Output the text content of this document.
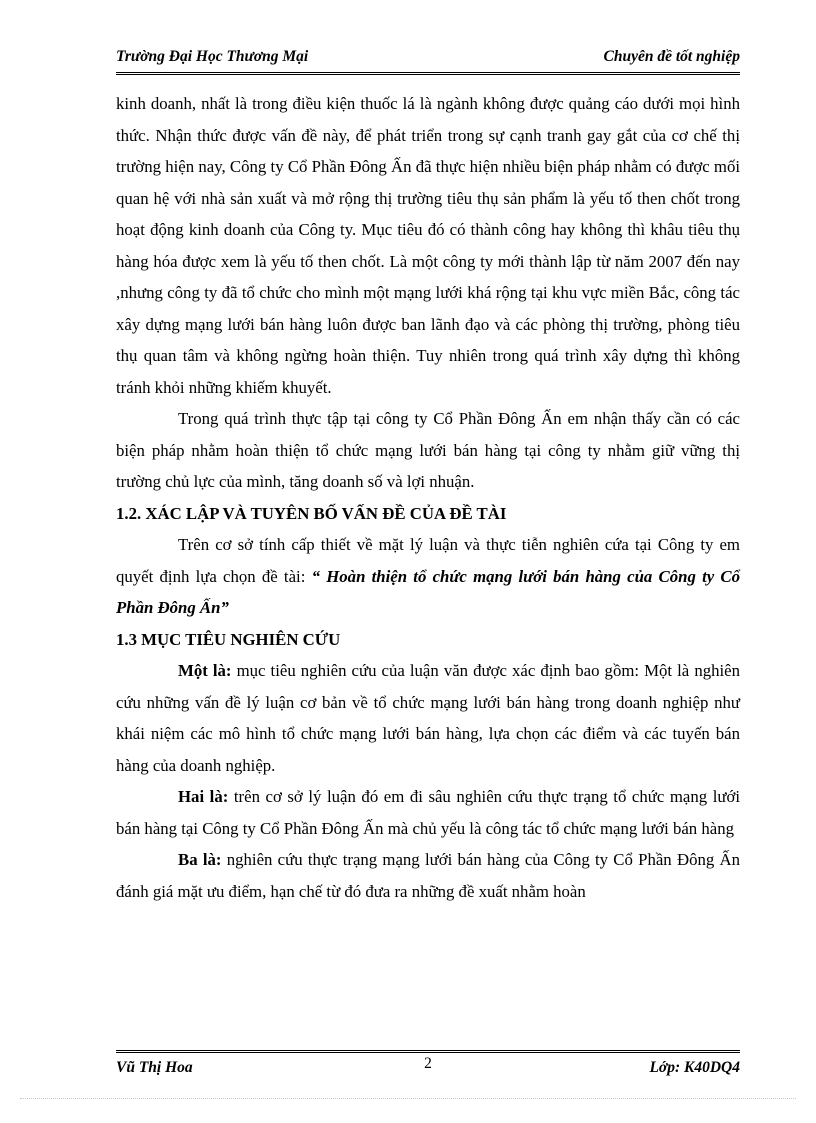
Trường Đại Học Thương Mại	Chuyên đề tốt nghiệp

kinh doanh, nhất là trong điều kiện thuốc lá là ngành không được quảng cáo dưới mọi hình thức. Nhận thức được vấn đề này, để phát triển trong sự cạnh tranh gay gắt của cơ chế thị trường hiện nay, Công ty Cổ Phần Đông Ấn đã thực hiện nhiều biện pháp nhằm có được mối quan hệ với nhà sản xuất và mở rộng thị trường tiêu thụ sản phẩm là yếu tố then chốt trong hoạt động kinh doanh của Công ty. Mục tiêu đó có thành công hay không thì khâu tiêu thụ hàng hóa được xem là yếu tố then chốt. Là một công ty mới thành lập từ năm 2007 đến nay ,nhưng công ty đã tổ chức cho mình một mạng lưới khá rộng tại khu vực miền Bắc, công tác xây dựng mạng lưới bán hàng luôn được ban lãnh đạo và các phòng thị trường, phòng tiêu thụ quan tâm và không ngừng hoàn thiện. Tuy nhiên trong quá trình xây dựng thì không tránh khỏi những khiếm khuyết.

Trong quá trình thực tập tại công ty Cổ Phần Đông Ấn em nhận thấy cần có các biện pháp nhằm hoàn thiện tổ chức mạng lưới bán hàng tại công ty nhằm giữ vững thị trường chủ lực của mình, tăng doanh số và lợi nhuận.

1.2. XÁC LẬP VÀ TUYÊN BỐ VẤN ĐỀ CỦA ĐỀ TÀI

Trên cơ sở tính cấp thiết về mặt lý luận và thực tiễn nghiên cứa tại Công ty em quyết định lựa chọn đề tài: “ Hoàn thiện tổ chức mạng lưới bán hàng của Công ty Cổ Phần Đông Ấn”

1.3 MỤC TIÊU NGHIÊN CỨU

Một là: mục tiêu nghiên cứu của luận văn được xác định bao gồm: Một là nghiên cứu những vấn đề lý luận cơ bản về tổ chức mạng lưới bán hàng trong doanh nghiệp như khái niệm các mô hình tổ chức mạng lưới bán hàng, lựa chọn các điểm và các tuyến bán hàng của doanh nghiệp.

Hai là: trên cơ sở lý luận đó em đi sâu nghiên cứu thực trạng tổ chức mạng lưới bán hàng tại Công ty Cổ Phần Đông Ấn mà chủ yếu là công tác tổ chức mạng lưới bán hàng

Ba là: nghiên cứu thực trạng mạng lưới bán hàng của Công ty Cổ Phần Đông Ấn đánh giá mặt ưu điểm, hạn chế từ đó đưa ra những đề xuất nhằm hoàn

Vũ Thị Hoa	2	Lớp: K40DQ4
